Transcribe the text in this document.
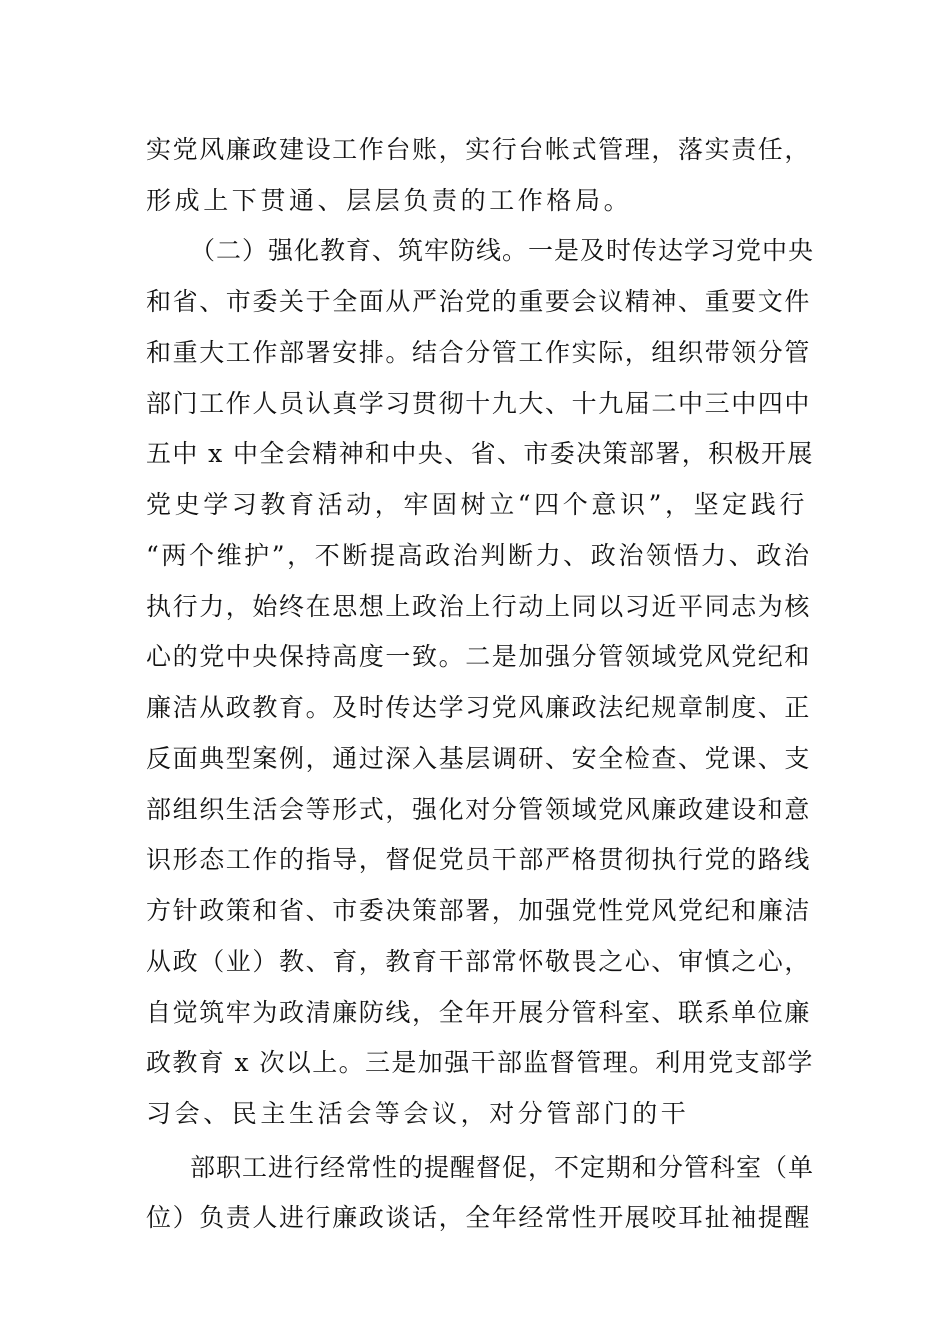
实党风廉政建设工作台账，实行台帐式管理，落实责任，
形成上下贯通、层层负责的工作格局。
（二）强化教育、筑牢防线。一是及时传达学习党中央
和省、市委关于全面从严治党的重要会议精神、重要文件
和重大工作部署安排。结合分管工作实际，组织带领分管
部门工作人员认真学习贯彻十九大、十九届二中三中四中
五中 x 中全会精神和中央、省、市委决策部署，积极开展
党史学习教育活动，牢固树立“四个意识”，坚定践行
“两个维护”，不断提高政治判断力、政治领悟力、政治
执行力，始终在思想上政治上行动上同以习近平同志为核
心的党中央保持高度一致。二是加强分管领域党风党纪和
廉洁从政教育。及时传达学习党风廉政法纪规章制度、正
反面典型案例，通过深入基层调研、安全检查、党课、支
部组织生活会等形式，强化对分管领域党风廉政建设和意
识形态工作的指导，督促党员干部严格贯彻执行党的路线
方针政策和省、市委决策部署，加强党性党风党纪和廉洁
从政（业）教、育，教育干部常怀敬畏之心、审慎之心，
自觉筑牢为政清廉防线，全年开展分管科室、联系单位廉
政教育 x 次以上。三是加强干部监督管理。利用党支部学
习会、民主生活会等会议，对分管部门的干
部职工进行经常性的提醒督促，不定期和分管科室（单
位）负责人进行廉政谈话，全年经常性开展咬耳扯袖提醒
